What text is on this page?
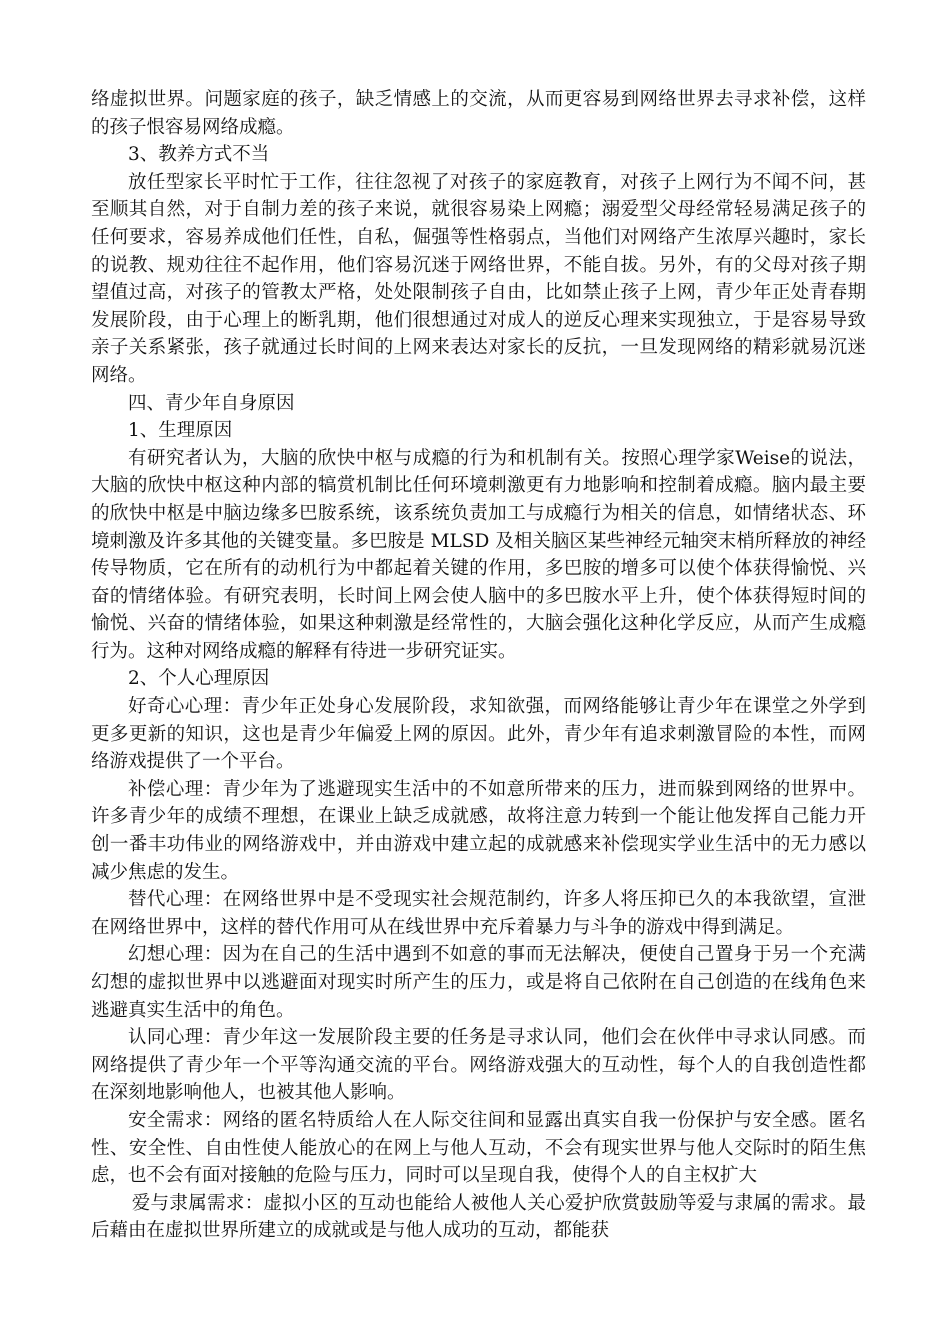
络虚拟世界。问题家庭的孩子，缺乏情感上的交流，从而更容易到网络世界去寻求补偿，这样的孩子恨容易网络成瘾。

3、教养方式不当

放任型家长平时忙于工作，往往忽视了对孩子的家庭教育，对孩子上网行为不闻不问，甚至顺其自然，对于自制力差的孩子来说，就很容易染上网瘾；溺爱型父母经常轻易满足孩子的任何要求，容易养成他们任性，自私，倔强等性格弱点，当他们对网络产生浓厚兴趣时，家长的说教、规劝往往不起作用，他们容易沉迷于网络世界，不能自拔。另外，有的父母对孩子期望值过高，对孩子的管教太严格，处处限制孩子自由，比如禁止孩子上网，青少年正处青春期发展阶段，由于心理上的断乳期，他们很想通过对成人的逆反心理来实现独立，于是容易导致亲子关系紧张，孩子就通过长时间的上网来表达对家长的反抗，一旦发现网络的精彩就易沉迷网络。

四、青少年自身原因

1、生理原因

有研究者认为，大脑的欣快中枢与成瘾的行为和机制有关。按照心理学家Weise的说法，大脑的欣快中枢这种内部的犒赏机制比任何环境刺激更有力地影响和控制着成瘾。脑内最主要的欣快中枢是中脑边缘多巴胺系统，该系统负责加工与成瘾行为相关的信息，如情绪状态、环境刺激及许多其他的关键变量。多巴胺是 MLSD 及相关脑区某些神经元轴突末梢所释放的神经传导物质，它在所有的动机行为中都起着关键的作用，多巴胺的增多可以使个体获得愉悦、兴奋的情绪体验。有研究表明，长时间上网会使人脑中的多巴胺水平上升，使个体获得短时间的愉悦、兴奋的情绪体验，如果这种刺激是经常性的，大脑会强化这种化学反应，从而产生成瘾行为。这种对网络成瘾的解释有待进一步研究证实。

2、个人心理原因

好奇心心理：青少年正处身心发展阶段，求知欲强，而网络能够让青少年在课堂之外学到更多更新的知识，这也是青少年偏爱上网的原因。此外，青少年有追求刺激冒险的本性，而网络游戏提供了一个平台。

补偿心理：青少年为了逃避现实生活中的不如意所带来的压力，进而躲到网络的世界中。许多青少年的成绩不理想，在课业上缺乏成就感，故将注意力转到一个能让他发挥自己能力开创一番丰功伟业的网络游戏中，并由游戏中建立起的成就感来补偿现实学业生活中的无力感以减少焦虑的发生。

替代心理：在网络世界中是不受现实社会规范制约，许多人将压抑已久的本我欲望，宣泄在网络世界中，这样的替代作用可从在线世界中充斥着暴力与斗争的游戏中得到满足。

幻想心理：因为在自己的生活中遇到不如意的事而无法解决，便使自己置身于另一个充满幻想的虚拟世界中以逃避面对现实时所产生的压力，或是将自己依附在自己创造的在线角色来逃避真实生活中的角色。

认同心理：青少年这一发展阶段主要的任务是寻求认同，他们会在伙伴中寻求认同感。而网络提供了青少年一个平等沟通交流的平台。网络游戏强大的互动性，每个人的自我创造性都在深刻地影响他人，也被其他人影响。

安全需求：网络的匿名特质给人在人际交往间和显露出真实自我一份保护与安全感。匿名性、安全性、自由性使人能放心的在网上与他人互动，不会有现实世界与他人交际时的陌生焦虑，也不会有面对接触的危险与压力，同时可以呈现自我，使得个人的自主权扩大

爱与隶属需求：虚拟小区的互动也能给人被他人关心爱护欣赏鼓励等爱与隶属的需求。最后藉由在虚拟世界所建立的成就或是与他人成功的互动，都能获
